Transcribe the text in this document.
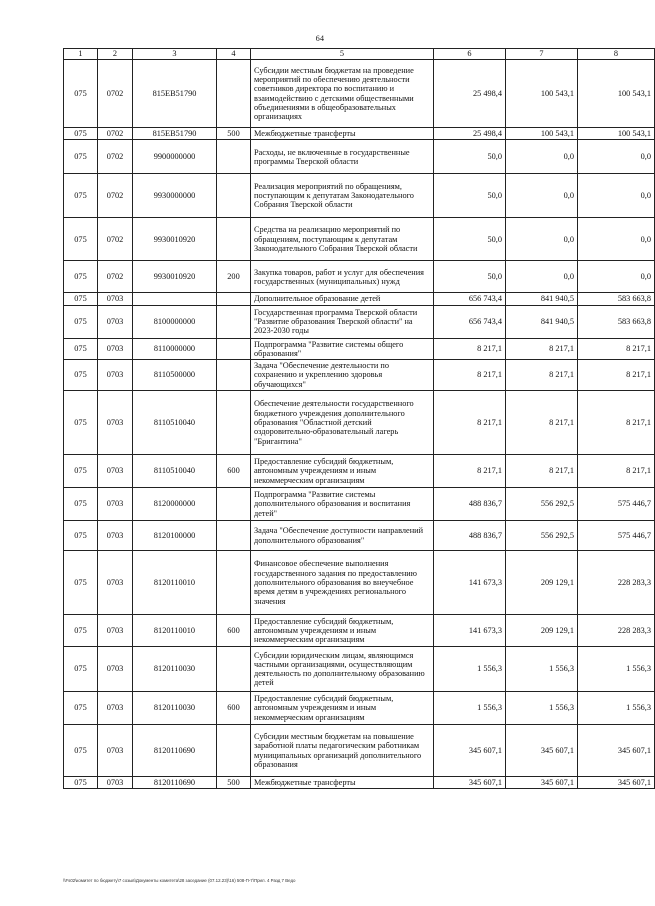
64
1	2	3	4	5	6	7	8
075	0702	815EB51790		Субсидии местным бюджетам на проведение мероприятий по обеспечению деятельности советников директора по воспитанию и взаимодействию с детскими общественными объединениями в общеобразовательных организациях	25 498,4	100 543,1	100 543,1
075	0702	815EB51790	500	Межбюджетные трансферты	25 498,4	100 543,1	100 543,1
075	0702	9900000000		Расходы, не включенные в государственные программы Тверской области	50,0	0,0	0,0
075	0702	9930000000		Реализация мероприятий по обращениям, поступающим к депутатам Законодательного Собрания Тверской области	50,0	0,0	0,0
075	0702	9930010920		Средства на реализацию мероприятий по обращениям, поступающим к депутатам Законодательного Собрания Тверской области	50,0	0,0	0,0
075	0702	9930010920	200	Закупка товаров, работ и услуг для обеспечения государственных (муниципальных) нужд	50,0	0,0	0,0
075	0703			Дополнительное образование детей	656 743,4	841 940,5	583 663,8
075	0703	8100000000		Государственная программа Тверской области "Развитие образования Тверской области" на 2023-2030 годы	656 743,4	841 940,5	583 663,8
075	0703	8110000000		Подпрограмма "Развитие системы общего образования"	8 217,1	8 217,1	8 217,1
075	0703	8110500000		Задача "Обеспечение деятельности по сохранению и укреплению здоровья обучающихся"	8 217,1	8 217,1	8 217,1
075	0703	8110510040		Обеспечение деятельности государственного бюджетного учреждения дополнительного образования "Областной детский оздоровительно-образовательный лагерь "Бригантина"	8 217,1	8 217,1	8 217,1
075	0703	8110510040	600	Предоставление субсидий бюджетным, автономным учреждениям и иным некоммерческим организациям	8 217,1	8 217,1	8 217,1
075	0703	8120000000		Подпрограмма "Развитие системы дополнительного образования и воспитания детей"	488 836,7	556 292,5	575 446,7
075	0703	8120100000		Задача "Обеспечение доступности направлений дополнительного образования"	488 836,7	556 292,5	575 446,7
075	0703	8120110010		Финансовое обеспечение выполнения государственного задания по предоставлению дополнительного образования во внеучебное время детям в учреждениях регионального значения	141 673,3	209 129,1	228 283,3
075	0703	8120110010	600	Предоставление субсидий бюджетным, автономным учреждениям и иным некоммерческим организациям	141 673,3	209 129,1	228 283,3
075	0703	8120110030		Субсидии юридическим лицам, являющимся частными организациями, осуществляющим деятельность по дополнительному образованию детей	1 556,3	1 556,3	1 556,3
075	0703	8120110030	600	Предоставление субсидий бюджетным, автономным учреждениям и иным некоммерческим организациям	1 556,3	1 556,3	1 556,3
075	0703	8120110690		Субсидии местным бюджетам на повышение заработной платы педагогическим работникам муниципальных организаций дополнительного образования	345 607,1	345 607,1	345 607,1
075	0703	8120110690	500	Межбюджетные трансферты	345 607,1	345 607,1	345 607,1
\\Fs02\комитет по бюджету\7 созыв\Документы комитета\28 заседание (07.12.23)\16) 508-П-7\Прил. 4 Разд 7 Ведо
